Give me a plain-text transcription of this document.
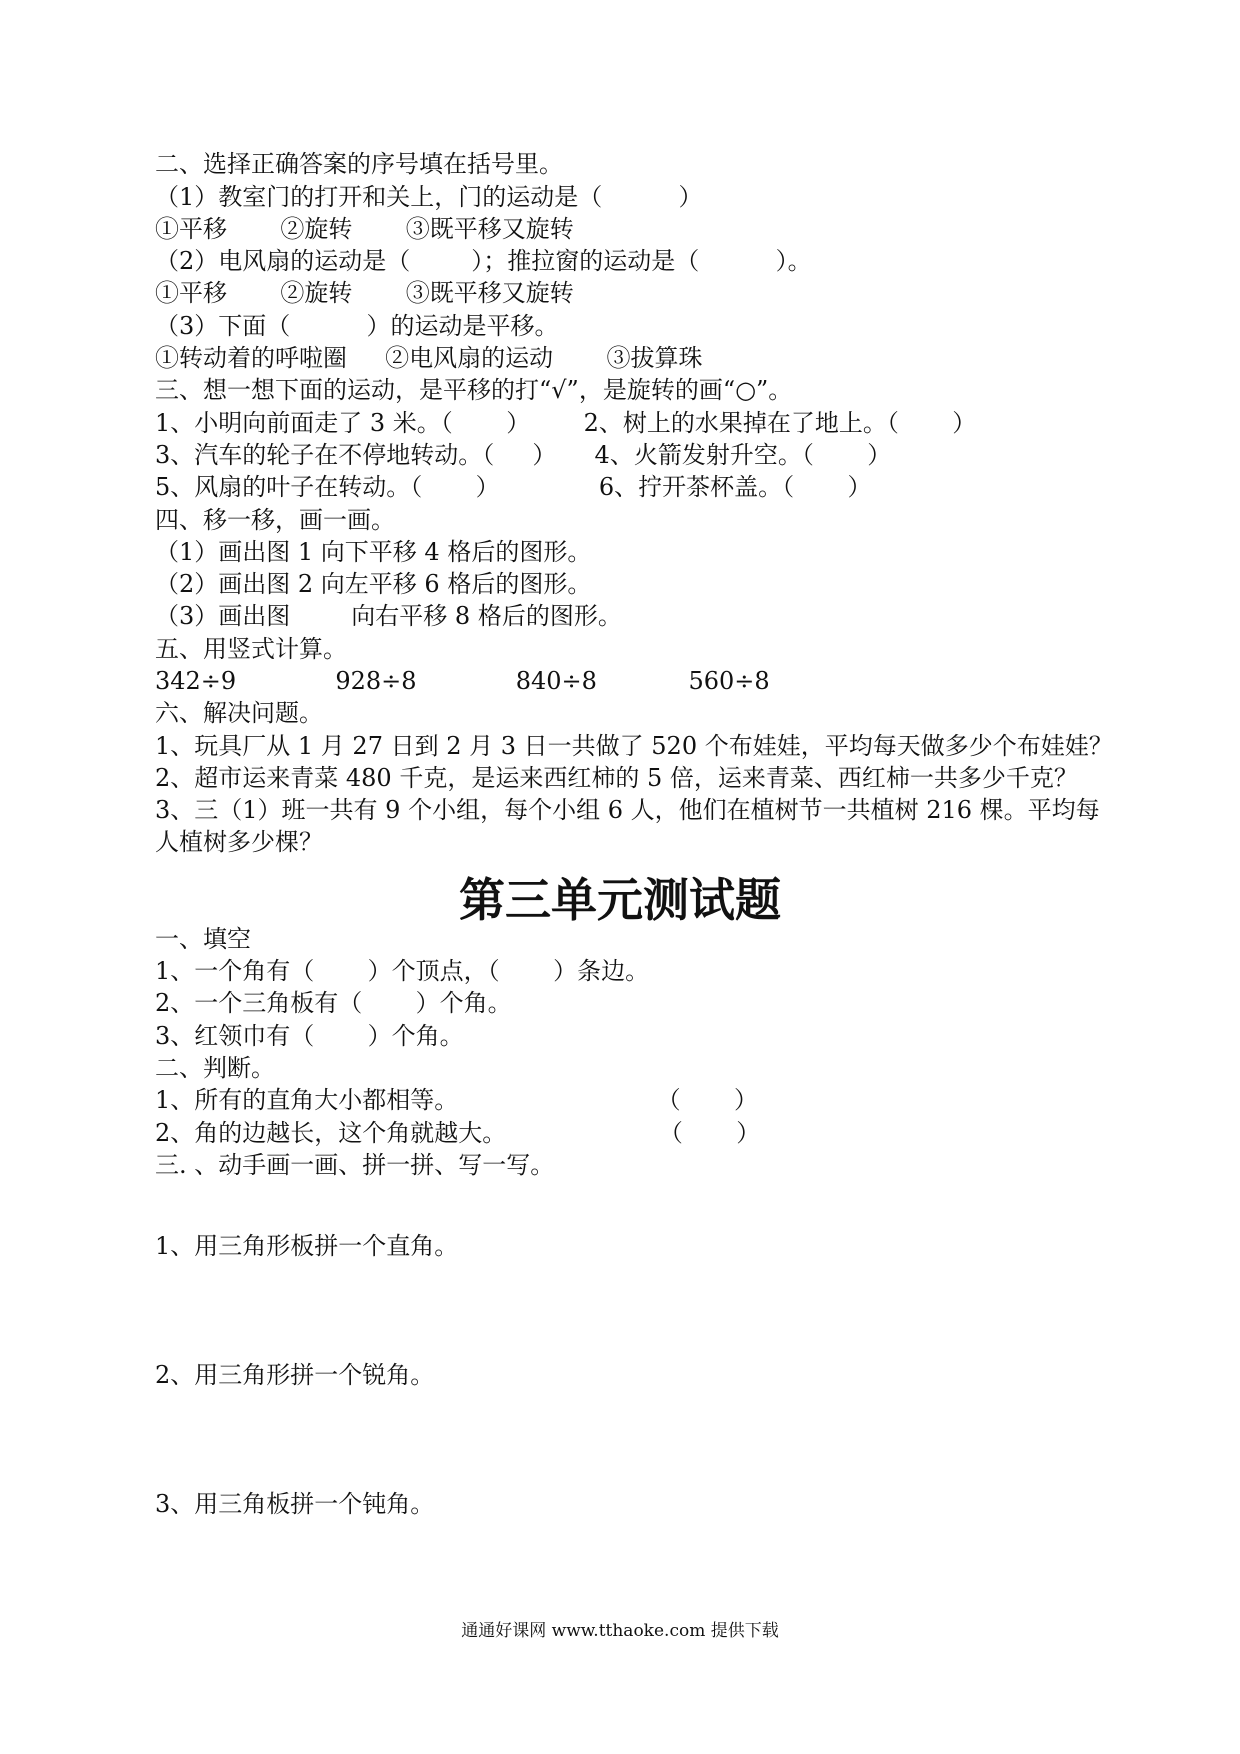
二、选择正确答案的序号填在括号里。
（1）教室门的打开和关上，门的运动是（          ）
①平移       ②旋转       ③既平移又旋转
（2）电风扇的运动是（        ）；推拉窗的运动是（          ）。
①平移       ②旋转       ③既平移又旋转
（3）下面（          ）的运动是平移。
①转动着的呼啦圈     ②电风扇的运动       ③拔算珠
三、想一想下面的运动，是平移的打“√”，是旋转的画“○”。
1、小明向前面走了 3 米。（       ）       2、树上的水果掉在了地上。（       ）
3、汽车的轮子在不停地转动。（     ）     4、火箭发射升空。（       ）
5、风扇的叶子在转动。（       ）             6、拧开茶杯盖。（       ）
四、移一移，画一画。
（1）画出图 1 向下平移 4 格后的图形。
（2）画出图 2 向左平移 6 格后的图形。
（3）画出图        向右平移 8 格后的图形。
五、用竖式计算。
342÷9             928÷8             840÷8            560÷8
六、解决问题。
1、玩具厂从 1 月 27 日到 2 月 3 日一共做了 520 个布娃娃，平均每天做多少个布娃娃？
2、超市运来青菜 480 千克，是运来西红柿的 5 倍，运来青菜、西红柿一共多少千克？
3、三（1）班一共有 9 个小组，每个小组 6 人，他们在植树节一共植树 216 棵。平均每
人植树多少棵？
第三单元测试题
一、填空
1、一个角有（       ）个顶点，（       ）条边。
2、一个三角板有（       ）个角。
3、红领巾有（       ）个角。
二、判断。
1、所有的直角大小都相等。                          （       ）
2、角的边越长，这个角就越大。                    （       ）
三. 、动手画一画、拼一拼、写一写。
1、用三角形板拼一个直角。
2、用三角形拼一个锐角。
3、用三角板拼一个钝角。
通通好课网 www.tthaoke.com 提供下载
